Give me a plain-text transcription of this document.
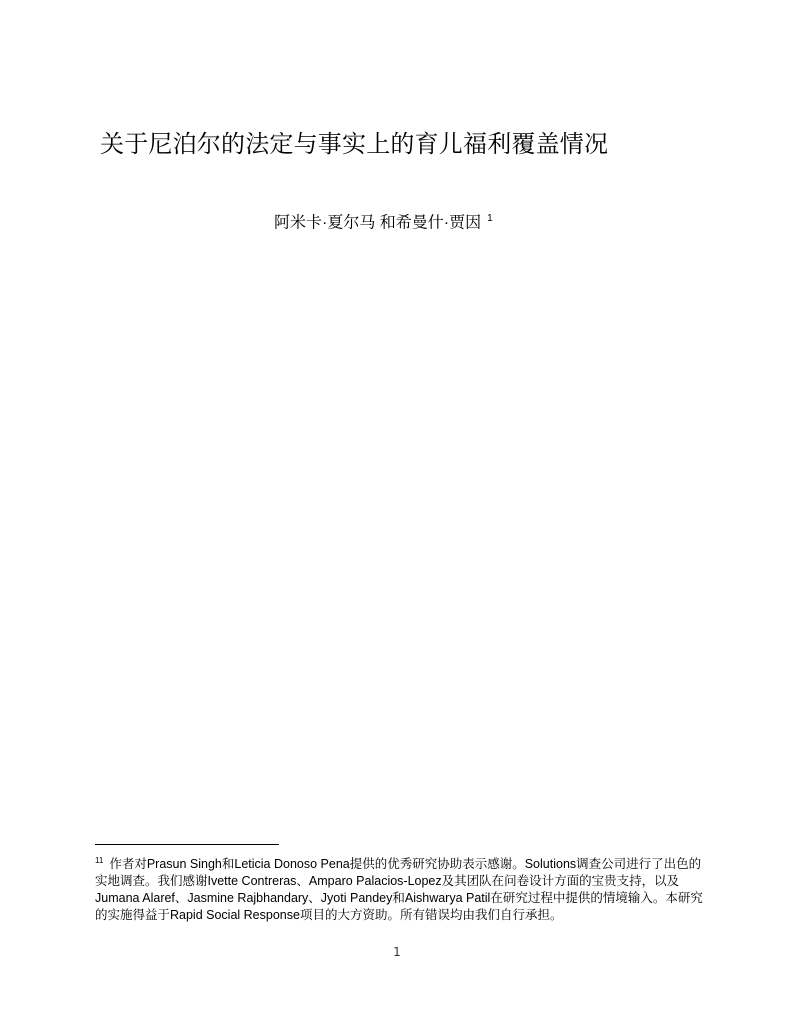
关于尼泊尔的法定与事实上的育儿福利覆盖情况
阿米卡·夏尔马 和希曼什·贾因 $^1$
$^{11}$ 作者对Prasun Singh和Leticia Donoso Pena提供的优秀研究协助表示感谢。Solutions调查公司进行了出色的实地调查。我们感谢Ivette Contreras、Amparo Palacios-Lopez及其团队在问卷设计方面的宝贵支持，以及Jumana Alaref、Jasmine Rajbhandary、Jyoti Pandey和Aishwarya Patil在研究过程中提供的情境输入。本研究的实施得益于Rapid Social Response项目的大方资助。所有错误均由我们自行承担。
1
